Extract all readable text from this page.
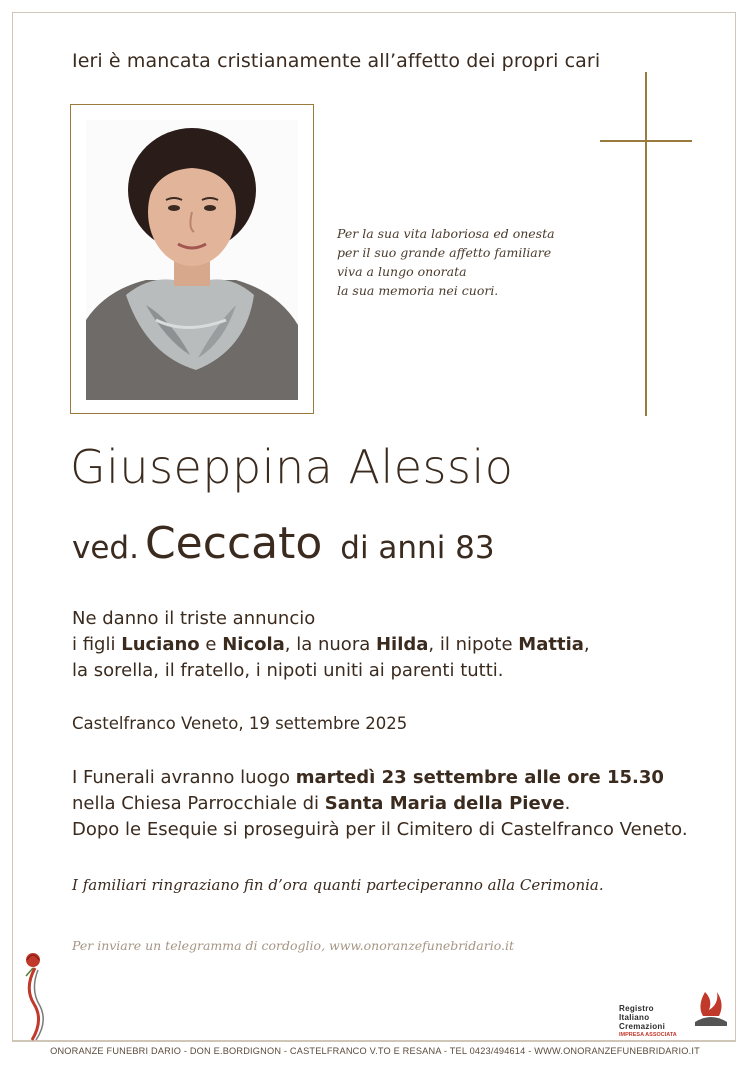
Ieri è mancata cristianamente all’affetto dei propri cari
Per la sua vita laboriosa ed onesta
per il suo grande affetto familiare
viva a lungo onorata
la sua memoria nei cuori.
Giuseppina Alessio
ved. Ceccato di anni 83
Ne danno il triste annuncio
i figli Luciano e Nicola, la nuora Hilda, il nipote Mattia,
la sorella, il fratello, i nipoti uniti ai parenti tutti.
Castelfranco Veneto, 19 settembre 2025
I Funerali avranno luogo martedì 23 settembre alle ore 15.30
nella Chiesa Parrocchiale di Santa Maria della Pieve.
Dopo le Esequie si proseguirà per il Cimitero di Castelfranco Veneto.
I familiari ringraziano fin d’ora quanti parteciperanno alla Cerimonia.
Per inviare un telegramma di cordoglio, www.onoranzefunebridario.it
Registro
Italiano
Cremazioni
IMPRESA ASSOCIATA
ONORANZE FUNEBRI DARIO - DON E.BORDIGNON - CASTELFRANCO V.TO E RESANA - TEL 0423/494614 - WWW.ONORANZEFUNEBRIDARIO.IT
